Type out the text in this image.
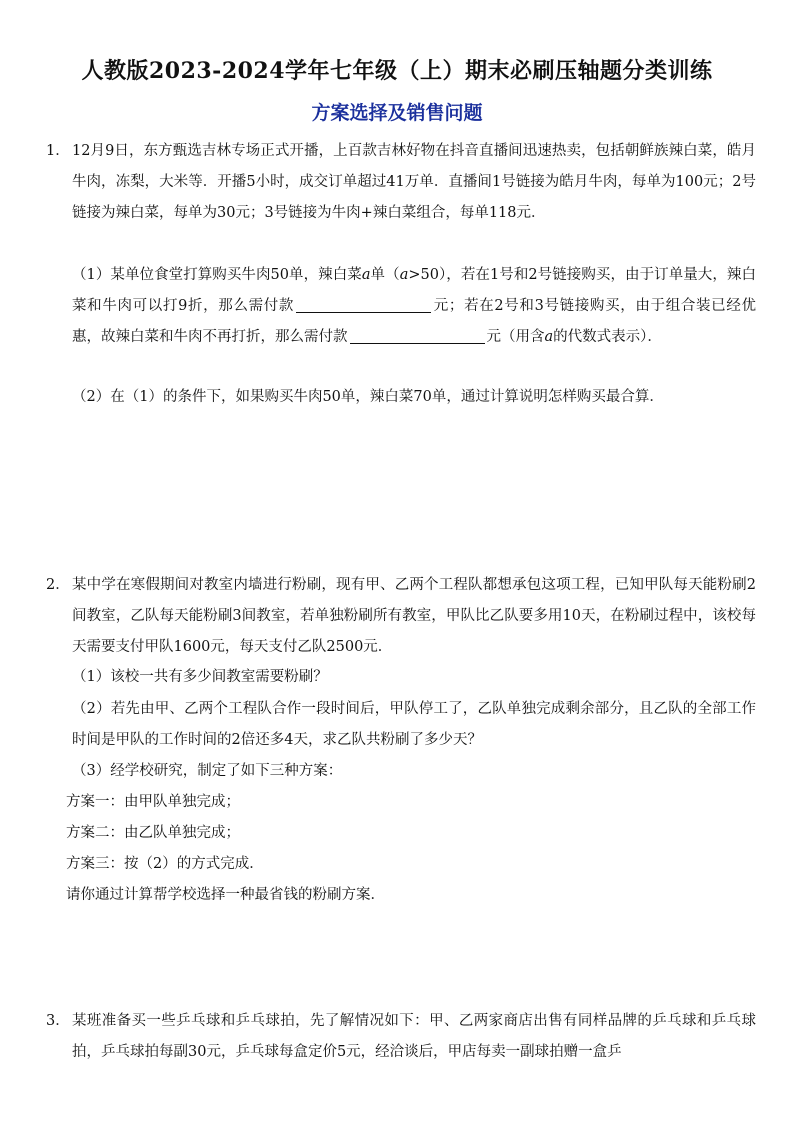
人教版2023-2024学年七年级（上）期末必刷压轴题分类训练
方案选择及销售问题
1． 12月9日，东方甄选吉林专场正式开播，上百款吉林好物在抖音直播间迅速热卖，包括朝鲜族辣白菜，皓月牛肉，冻梨，大米等．开播5小时，成交订单超过41万单．直播间1号链接为皓月牛肉，每单为100元；2号链接为辣白菜，每单为30元；3号链接为牛肉+辣白菜组合，每单118元．
（1）某单位食堂打算购买牛肉50单，辣白菜a单（a>50），若在1号和2号链接购买，由于订单量大，辣白菜和牛肉可以打9折，那么需付款	元；若在2号和3号链接购买，由于组合装已经优惠，故辣白菜和牛肉不再打折，那么需付款	元（用含a的代数式表示）．
（2）在（1）的条件下，如果购买牛肉50单，辣白菜70单，通过计算说明怎样购买最合算．
2． 某中学在寒假期间对教室内墙进行粉刷，现有甲、乙两个工程队都想承包这项工程，已知甲队每天能粉刷2间教室，乙队每天能粉刷3间教室，若单独粉刷所有教室，甲队比乙队要多用10天，在粉刷过程中，该校每天需要支付甲队1600元，每天支付乙队2500元．
（1）该校一共有多少间教室需要粉刷？
（2）若先由甲、乙两个工程队合作一段时间后，甲队停工了，乙队单独完成剩余部分，且乙队的全部工作时间是甲队的工作时间的2倍还多4天，求乙队共粉刷了多少天？
（3）经学校研究，制定了如下三种方案：
方案一：由甲队单独完成；
方案二：由乙队单独完成；
方案三：按（2）的方式完成．
请你通过计算帮学校选择一种最省钱的粉刷方案．
3． 某班准备买一些乒乓球和乒乓球拍，先了解情况如下：甲、乙两家商店出售有同样品牌的乒乓球和乒乓球拍，乒乓球拍每副30元，乒乓球每盒定价5元，经洽谈后，甲店每卖一副球拍赠一盒乒
